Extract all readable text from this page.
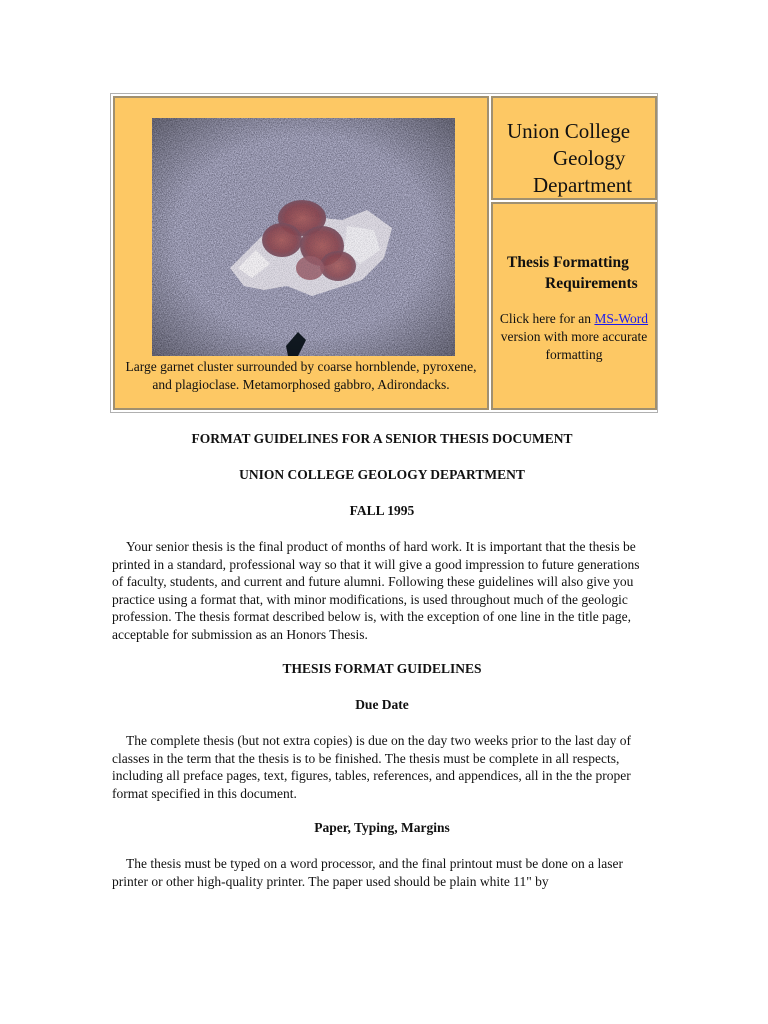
Large garnet cluster surrounded by coarse hornblende, pyroxene, and plagioclase. Metamorphosed gabbro, Adirondacks.
Union College
Geology
Department
Thesis Formatting
Requirements
Click here for an MS-Word version with more accurate formatting

FORMAT GUIDELINES FOR A SENIOR THESIS DOCUMENT

UNION COLLEGE GEOLOGY DEPARTMENT

FALL 1995

Your senior thesis is the final product of months of hard work. It is important that the thesis be printed in a standard, professional way so that it will give a good impression to future generations of faculty, students, and current and future alumni. Following these guidelines will also give you practice using a format that, with minor modifications, is used throughout much of the geologic profession. The thesis format described below is, with the exception of one line in the title page, acceptable for submission as an Honors Thesis.

THESIS FORMAT GUIDELINES

Due Date

The complete thesis (but not extra copies) is due on the day two weeks prior to the last day of classes in the term that the thesis is to be finished. The thesis must be complete in all respects, including all preface pages, text, figures, tables, references, and appendices, all in the the proper format specified in this document.

Paper, Typing, Margins

The thesis must be typed on a word processor, and the final printout must be done on a laser printer or other high-quality printer. The paper used should be plain white 11" by
